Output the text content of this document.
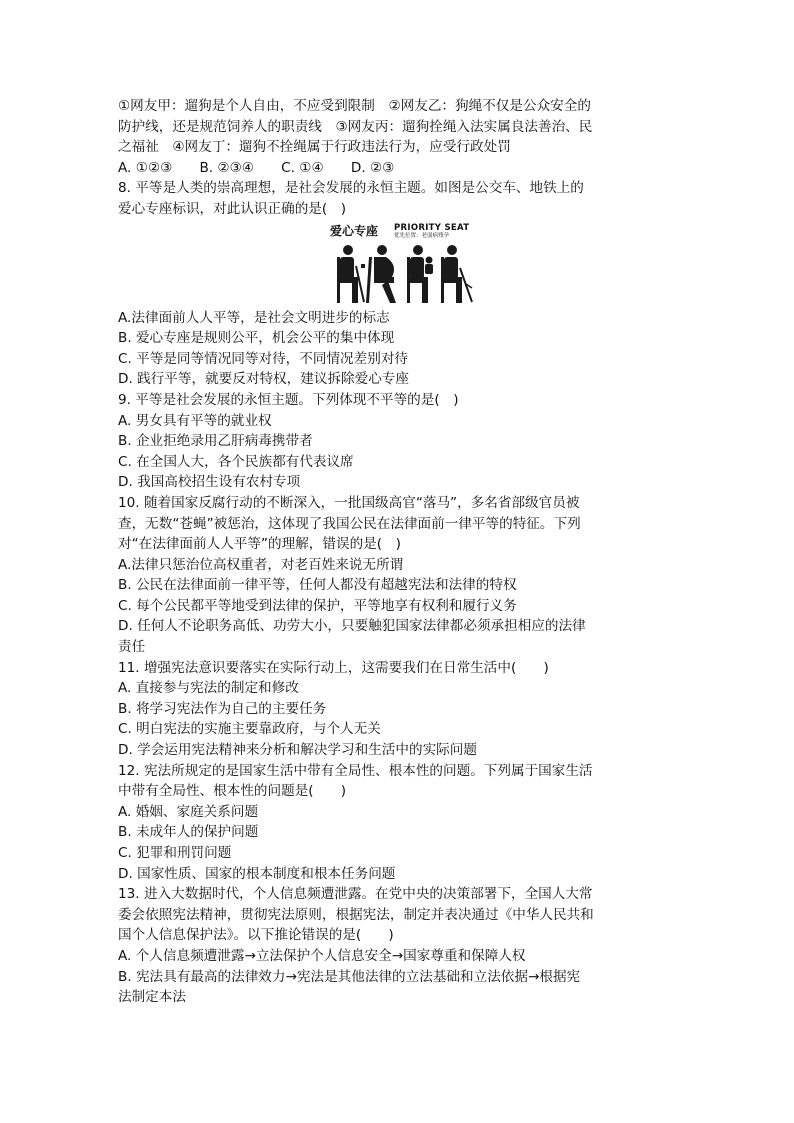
①网友甲：遛狗是个人自由，不应受到限制　②网友乙：狗绳不仅是公众安全的
防护线，还是规范饲养人的职责线　③网友丙：遛狗拴绳入法实属良法善治、民
之福祉　④网友丁：遛狗不拴绳属于行政违法行为，应受行政处罚
A. ①②③　　B. ②③④　　C. ①④　　D. ②③
8. 平等是人类的崇高理想，是社会发展的永恒主题。如图是公交车、地铁上的
爱心专座标识，对此认识正确的是(　)
爱心专座 PRIORITY SEAT
优先位置：老弱病残孕
A.法律面前人人平等，是社会文明进步的标志
B. 爱心专座是规则公平，机会公平的集中体现
C. 平等是同等情况同等对待，不同情况差别对待
D. 践行平等，就要反对特权，建议拆除爱心专座
9. 平等是社会发展的永恒主题。下列体现不平等的是(　)
A. 男女具有平等的就业权
B. 企业拒绝录用乙肝病毒携带者
C. 在全国人大，各个民族都有代表议席
D. 我国高校招生设有农村专项
10. 随着国家反腐行动的不断深入，一批国级高官“落马”，多名省部级官员被
查，无数“苍蝇”被惩治，这体现了我国公民在法律面前一律平等的特征。下列
对“在法律面前人人平等”的理解，错误的是(　)
A.法律只惩治位高权重者，对老百姓来说无所谓
B. 公民在法律面前一律平等，任何人都没有超越宪法和法律的特权
C. 每个公民都平等地受到法律的保护，平等地享有权利和履行义务
D. 任何人不论职务高低、功劳大小，只要触犯国家法律都必须承担相应的法律
责任
11. 增强宪法意识要落实在实际行动上，这需要我们在日常生活中(　　)
A. 直接参与宪法的制定和修改
B. 将学习宪法作为自己的主要任务
C. 明白宪法的实施主要靠政府，与个人无关
D. 学会运用宪法精神来分析和解决学习和生活中的实际问题
12. 宪法所规定的是国家生活中带有全局性、根本性的问题。下列属于国家生活
中带有全局性、根本性的问题是(　　)
A. 婚姻、家庭关系问题
B. 未成年人的保护问题
C. 犯罪和刑罚问题
D. 国家性质、国家的根本制度和根本任务问题
13. 进入大数据时代，个人信息频遭泄露。在党中央的决策部署下，全国人大常
委会依照宪法精神，贯彻宪法原则，根据宪法，制定并表决通过《中华人民共和
国个人信息保护法》。以下推论错误的是(　　)
A. 个人信息频遭泄露→立法保护个人信息安全→国家尊重和保障人权
B. 宪法具有最高的法律效力→宪法是其他法律的立法基础和立法依据→根据宪
法制定本法
